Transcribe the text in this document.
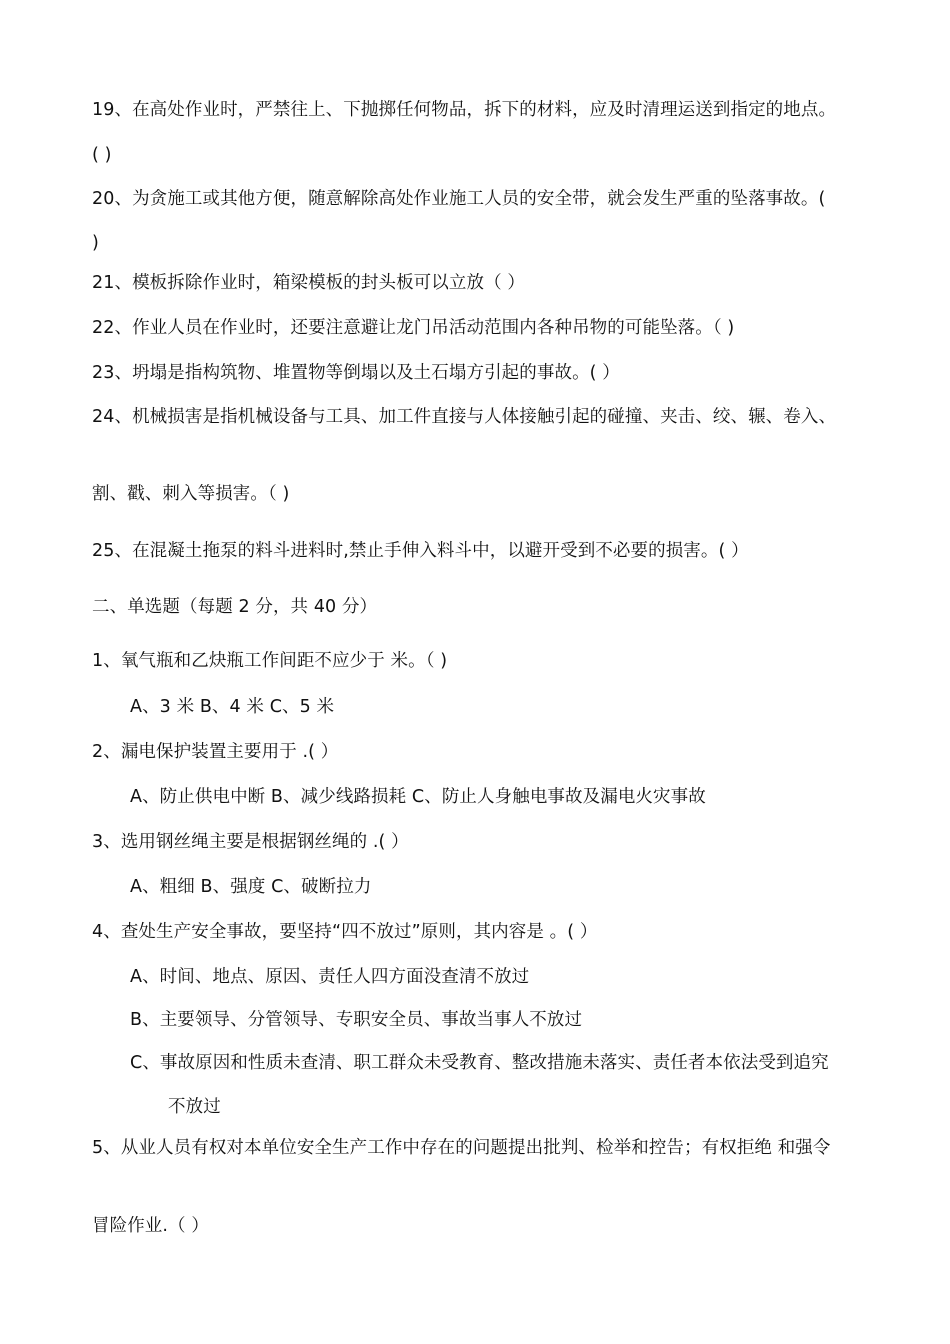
19、在高处作业时，严禁往上、下抛掷任何物品，拆下的材料，应及时清理运送到指定的地点。
( )
20、为贪施工或其他方便，随意解除高处作业施工人员的安全带，就会发生严重的坠落事故。(
)
21、模板拆除作业时，箱梁模板的封头板可以立放（ ）
22、作业人员在作业时，还要注意避让龙门吊活动范围内各种吊物的可能坠落。（ )
23、坍塌是指构筑物、堆置物等倒塌以及土石塌方引起的事故。( ）
24、机械损害是指机械设备与工具、加工件直接与人体接触引起的碰撞、夹击、绞、辗、卷入、
割、戳、刺入等损害。（ )
25、在混凝土拖泵的料斗进料时,禁止手伸入料斗中，以避开受到不必要的损害。( ）
二、单选题（每题 2 分，共 40 分）
1、氧气瓶和乙炔瓶工作间距不应少于 米。（ )
A、3 米 B、4 米 C、5 米
2、漏电保护装置主要用于 .( ）
A、防止供电中断 B、减少线路损耗 C、防止人身触电事故及漏电火灾事故
3、选用钢丝绳主要是根据钢丝绳的 .( ）
A、粗细 B、强度 C、破断拉力
4、查处生产安全事故，要坚持“四不放过”原则，其内容是 。( ）
A、时间、地点、原因、责任人四方面没查清不放过
B、主要领导、分管领导、专职安全员、事故当事人不放过
C、事故原因和性质未查清、职工群众未受教育、整改措施未落实、责任者本依法受到追究
不放过
5、从业人员有权对本单位安全生产工作中存在的问题提出批判、检举和控告；有权拒绝 和强令
冒险作业.（ ）
